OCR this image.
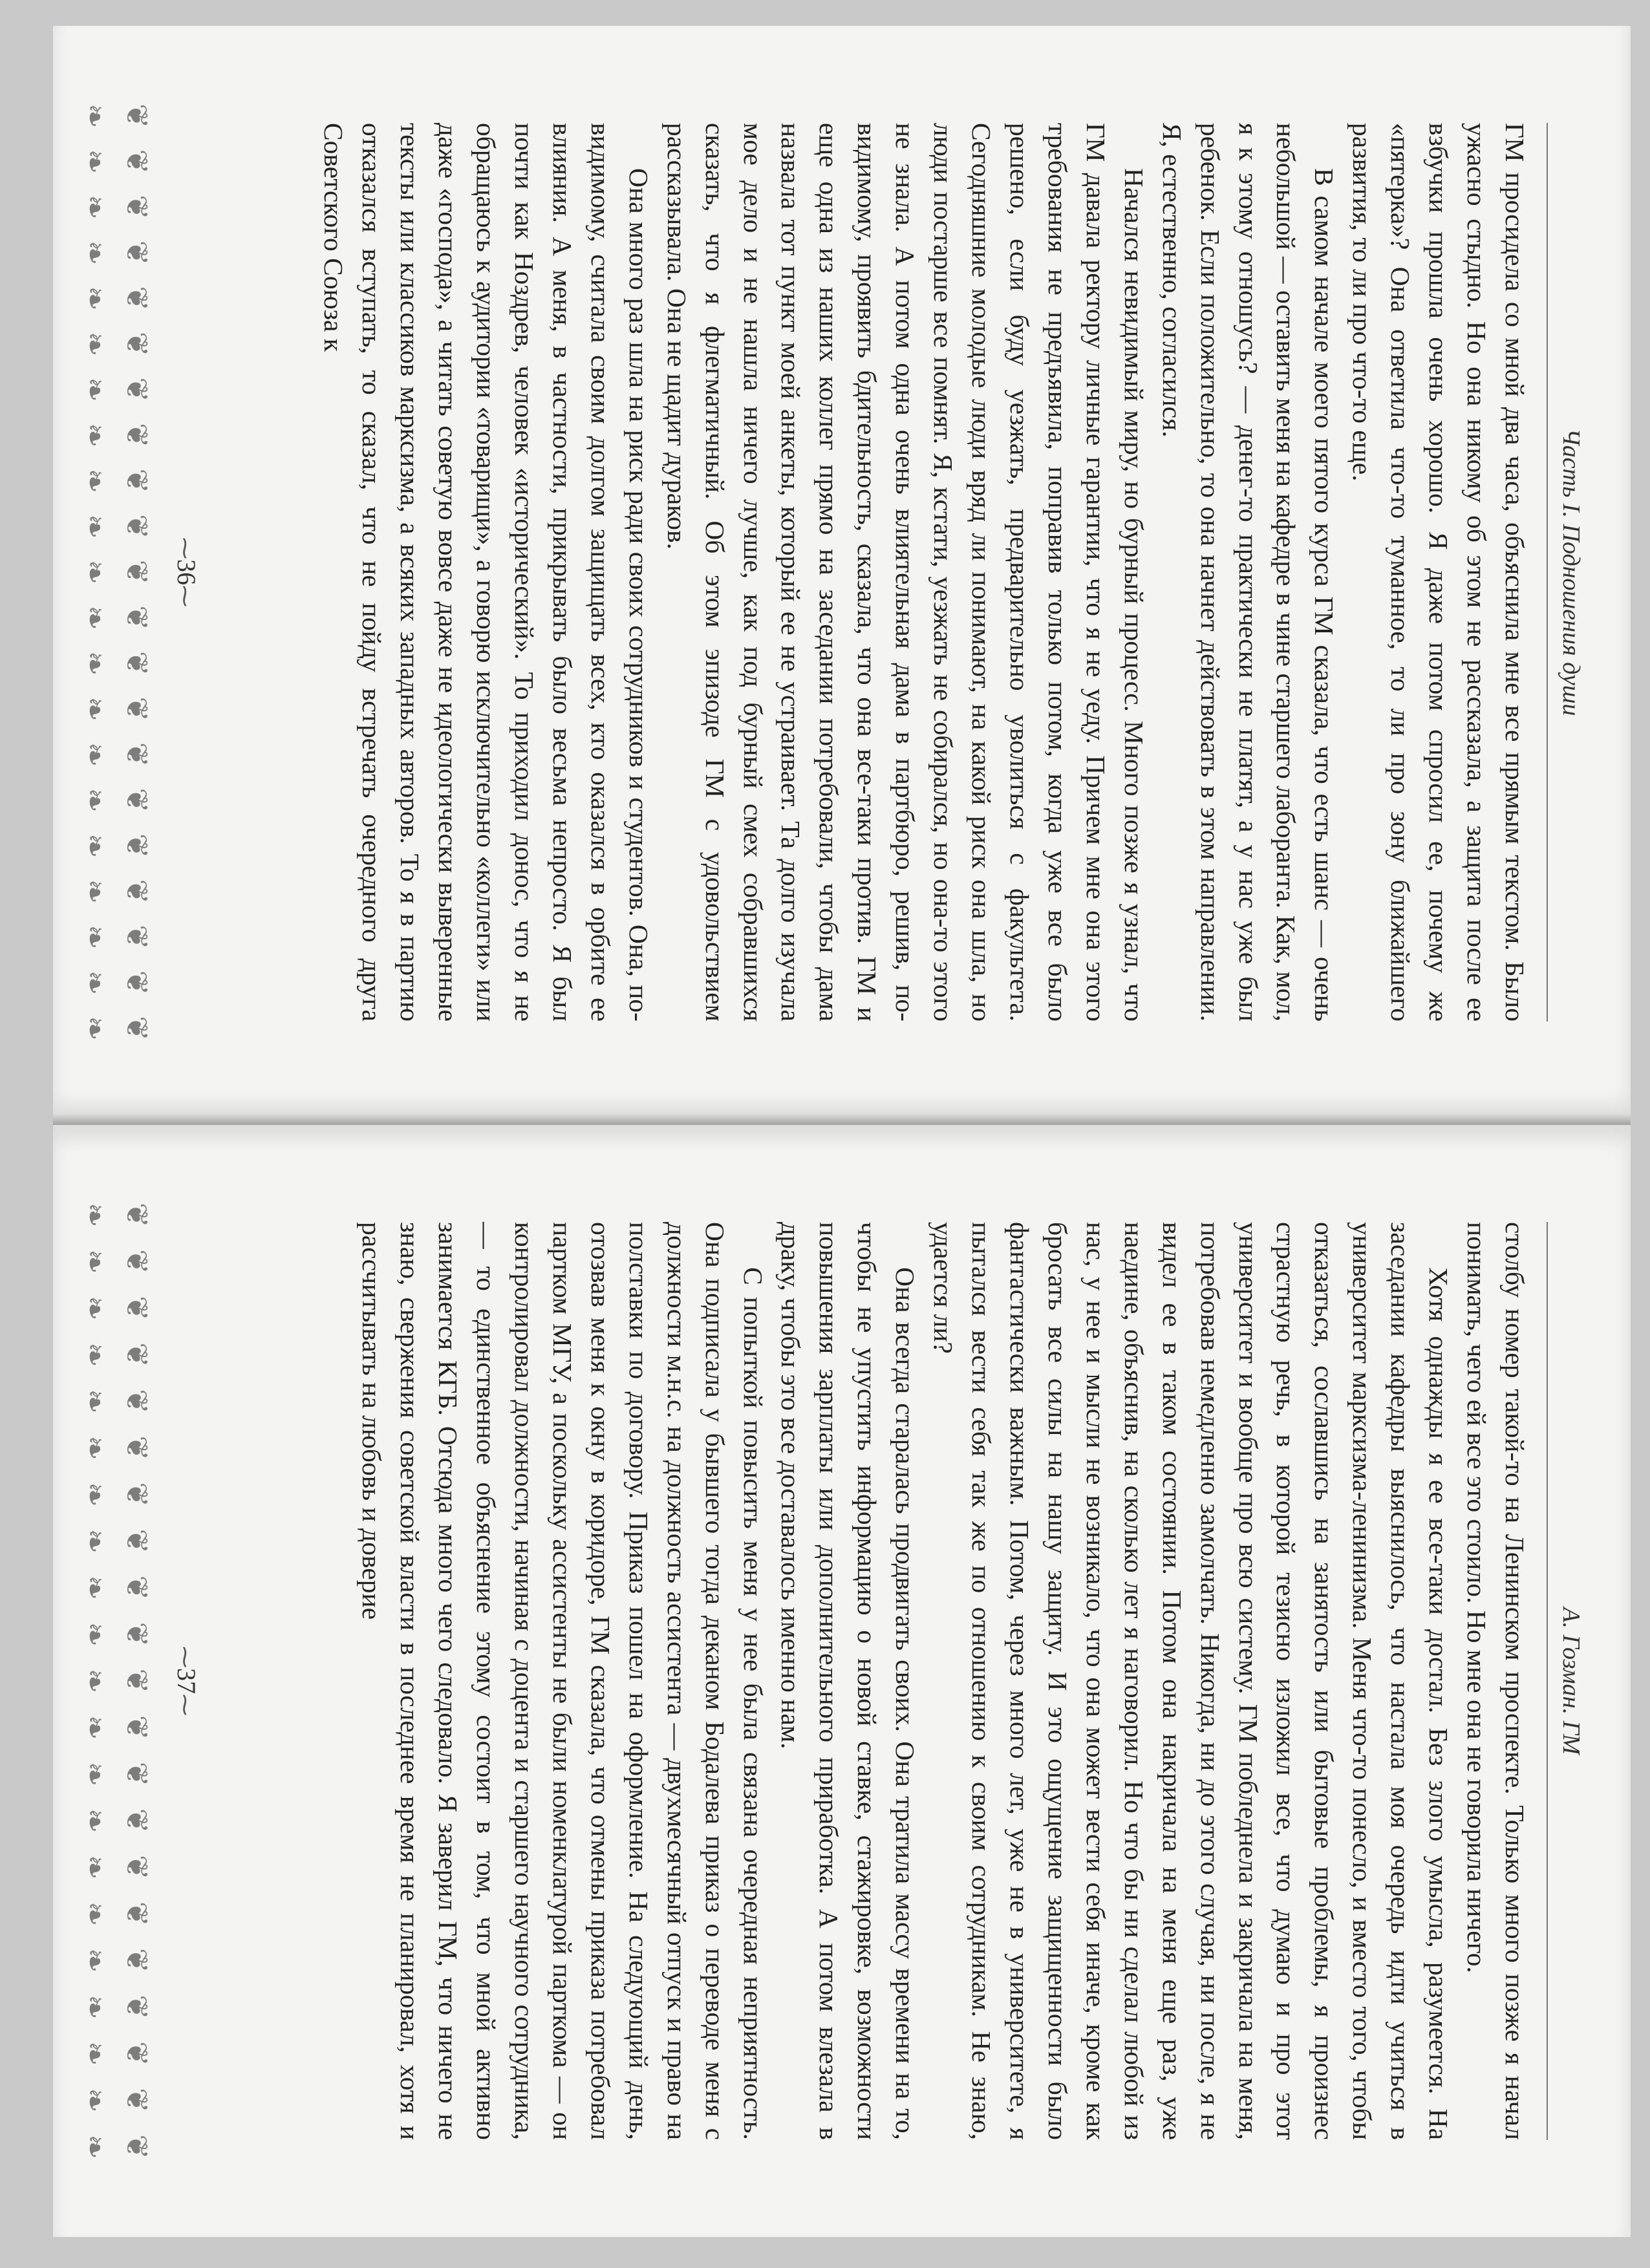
Часть I. Подношения души

ГМ просидела со мной два часа, объяснила мне все прямым текстом. Было ужасно стыдно. Но она никому об этом не рассказала, а защита после ее взбучки прошла очень хорошо. Я даже потом спросил ее, почему же «пятерка»? Она ответила что-то туманное, то ли про зону ближайшего развития, то ли про что-то еще.

В самом начале моего пятого курса ГМ сказала, что есть шанс — очень небольшой — оставить меня на кафедре в чине старшего лаборанта. Как, мол, я к этому отношусь? — денег-то практически не платят, а у нас уже был ребенок. Если положительно, то она начнет действовать в этом направлении. Я, естественно, согласился.

Начался невидимый миру, но бурный процесс. Много позже я узнал, что ГМ давала ректору личные гарантии, что я не уеду. Причем мне она этого требования не предъявила, поправив только потом, когда уже все было решено, если буду уезжать, предварительно уволиться с факультета. Сегодняшние молодые люди вряд ли понимают, на какой риск она шла, но люди постарше все помнят. Я, кстати, уезжать не собирался, но она-то этого не знала. А потом одна очень влиятельная дама в партбюро, решив, по-видимому, проявить бдительность, сказала, что она все-таки против. ГМ и еще одна из наших коллег прямо на заседании потребовали, чтобы дама назвала тот пункт моей анкеты, который ее не устраивает. Та долго изучала мое дело и не нашла ничего лучше, как под бурный смех собравшихся сказать, что я флегматичный. Об этом эпизоде ГМ с удовольствием рассказывала. Она не щадит дураков.

Она много раз шла на риск ради своих сотрудников и студентов. Она, по-видимому, считала своим долгом защищать всех, кто оказался в орбите ее влияния. А меня, в частности, прикрывать было весьма непросто. Я был почти как Ноздрев, человек «исторический». То приходил донос, что я не обращаюсь к аудитории «товарищи», а говорю исключительно «коллеги» или даже «господа», а читать советую вовсе даже не идеологически выверенные тексты или классиков марксизма, а всяких западных авторов. То я в партию отказался вступать, то сказал, что не пойду встречать очередного друга Советского Союза к

⁓36⁓
❦
❦
❦
❦
❦
❦
❦
❦
❦
❦
❦
❦
❦
❦
❦
❦
❦
❦
❦
❦
❦
❧
❧
❧
❧
❧
❧
❧
❧
❧
❧
❧
❧
❧
❧
❧
❧
❧
❧
❧
❧
❧
А. Гозман. ГМ

столбу номер такой-то на Ленинском проспекте. Только много позже я начал понимать, чего ей все это стоило. Но мне она не говорила ничего.

Хотя однажды я ее все-таки достал. Без злого умысла, разумеется. На заседании кафедры выяснилось, что настала моя очередь идти учиться в университет марксизма-ленинизма. Меня что-то понесло, и вместо того, чтобы отказаться, сославшись на занятость или бытовые проблемы, я произнес страстную речь, в которой тезисно изложил все, что думаю и про этот университет и вообще про всю систему. ГМ побледнела и закричала на меня, потребовав немедленно замолчать. Никогда, ни до этого случая, ни после, я не видел ее в таком состоянии. Потом она накричала на меня еще раз, уже наедине, объяснив, на сколько лет я наговорил. Но что бы ни сделал любой из нас, у нее и мысли не возникало, что она может вести себя иначе, кроме как бросать все силы на нашу защиту. И это ощущение защищенности было фантастически важным. Потом, через много лет, уже не в университете, я пытался вести себя так же по отношению к своим сотрудникам. Не знаю, удается ли?

Она всегда старалась продвигать своих. Она тратила массу времени на то, чтобы не упустить информацию о новой ставке, стажировке, возможности повышения зарплаты или дополнительного приработка. А потом влезала в драку, чтобы это все доставалось именно нам.

С попыткой повысить меня у нее была связана очередная неприятность. Она подписала у бывшего тогда деканом Бодалева приказ о переводе меня с должности м.н.с. на должность ассистента — двухмесячный отпуск и право на полставки по договору. Приказ пошел на оформление. На следующий день, отозвав меня к окну в коридоре, ГМ сказала, что отмены приказа потребовал партком МГУ, а поскольку ассистенты не были номенклатурой парткома — он контролировал должности, начиная с доцента и старшего научного сотрудника, — то единственное объяснение этому состоит в том, что мной активно занимается КГБ. Отсюда много чего следовало. Я заверил ГМ, что ничего не знаю, свержения советской власти в последнее время не планировал, хотя и рассчитывать на любовь и доверие

⁓37⁓
❦
❦
❦
❦
❦
❦
❦
❦
❦
❦
❦
❦
❦
❦
❦
❦
❦
❦
❦
❦
❦
❧
❧
❧
❧
❧
❧
❧
❧
❧
❧
❧
❧
❧
❧
❧
❧
❧
❧
❧
❧
❧
